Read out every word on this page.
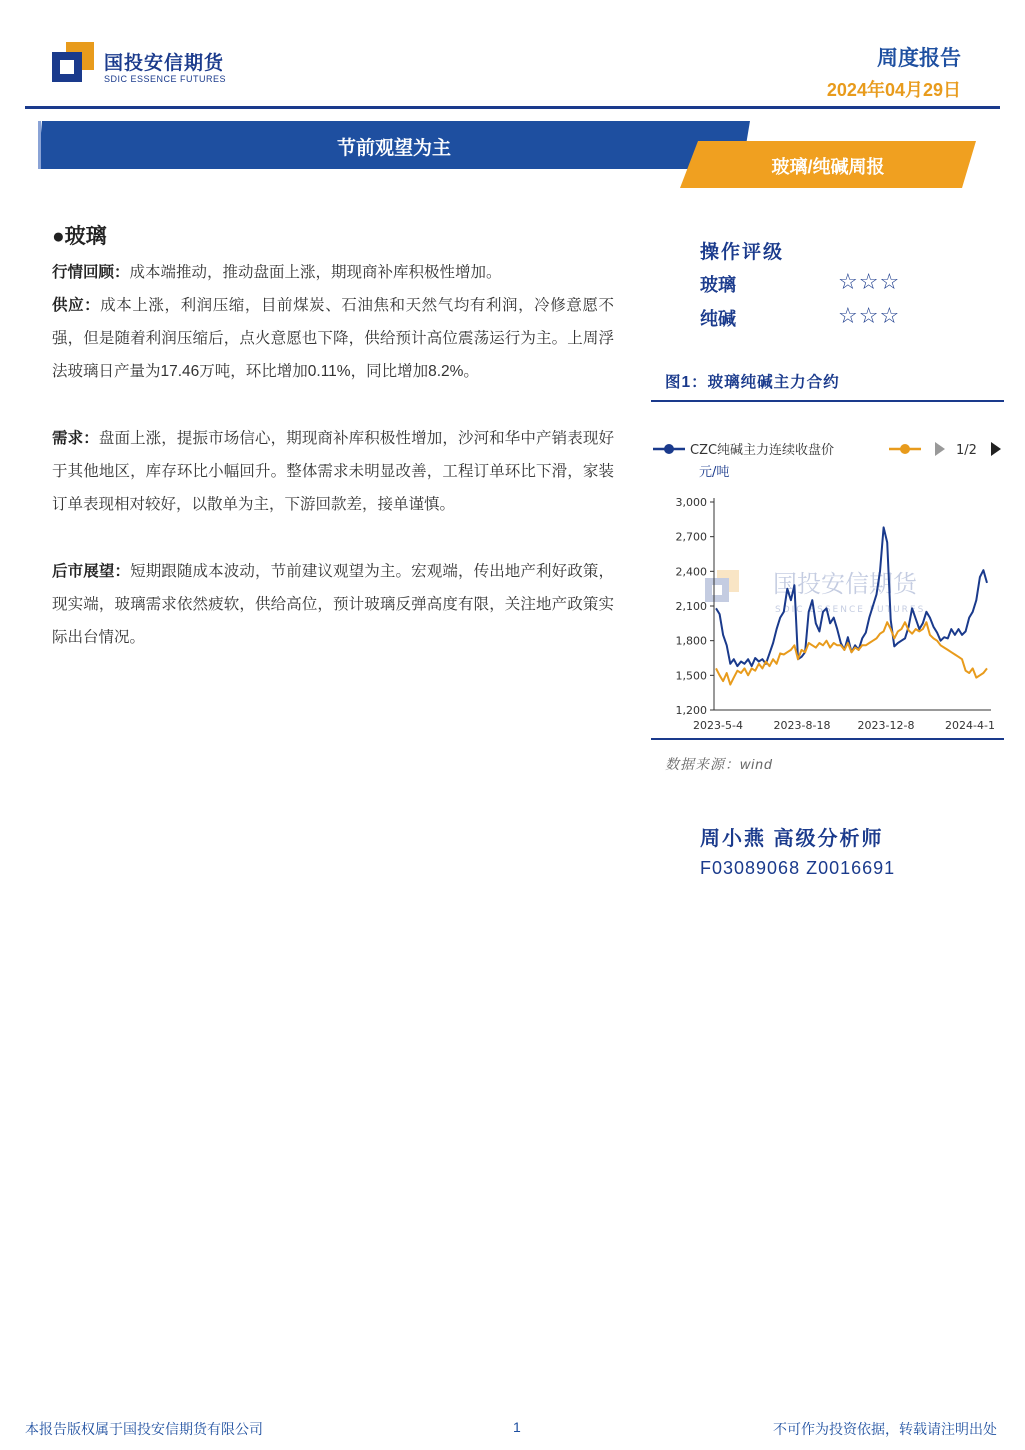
国投安信期货
SDIC ESSENCE FUTURES
周度报告
2024年04月29日
节前观望为主
玻璃/纯碱周报
●玻璃
行情回顾：成本端推动，推动盘面上涨，期现商补库积极性增加。
供应：成本上涨，利润压缩，目前煤炭、石油焦和天然气均有利润，冷修意愿不强，但是随着利润压缩后，点火意愿也下降，供给预计高位震荡运行为主。上周浮法玻璃日产量为17.46万吨，环比增加0.11%，同比增加8.2%。
需求：盘面上涨，提振市场信心，期现商补库积极性增加，沙河和华中产销表现好于其他地区，库存环比小幅回升。整体需求未明显改善，工程订单环比下滑，家装订单表现相对较好，以散单为主，下游回款差，接单谨慎。
后市展望：短期跟随成本波动，节前建议观望为主。宏观端，传出地产利好政策，现实端，玻璃需求依然疲软，供给高位，预计玻璃反弹高度有限，关注地产政策实际出台情况。
操作评级
玻璃	☆☆☆
纯碱	☆☆☆
图1：玻璃纯碱主力合约
国投安信期货
SDIC ESSENCE FUTURES
CZC纯碱主力连续收盘价	1/2
元/吨
3,000
2,700
2,400
2,100
1,800
1,500
1,200
2023-5-4	2023-8-18 2023-12-8	2024-4-1
数据来源：wind
周小燕 高级分析师
F03089068 Z0016691
本报告版权属于国投安信期货有限公司	1	不可作为投资依据，转载请注明出处
